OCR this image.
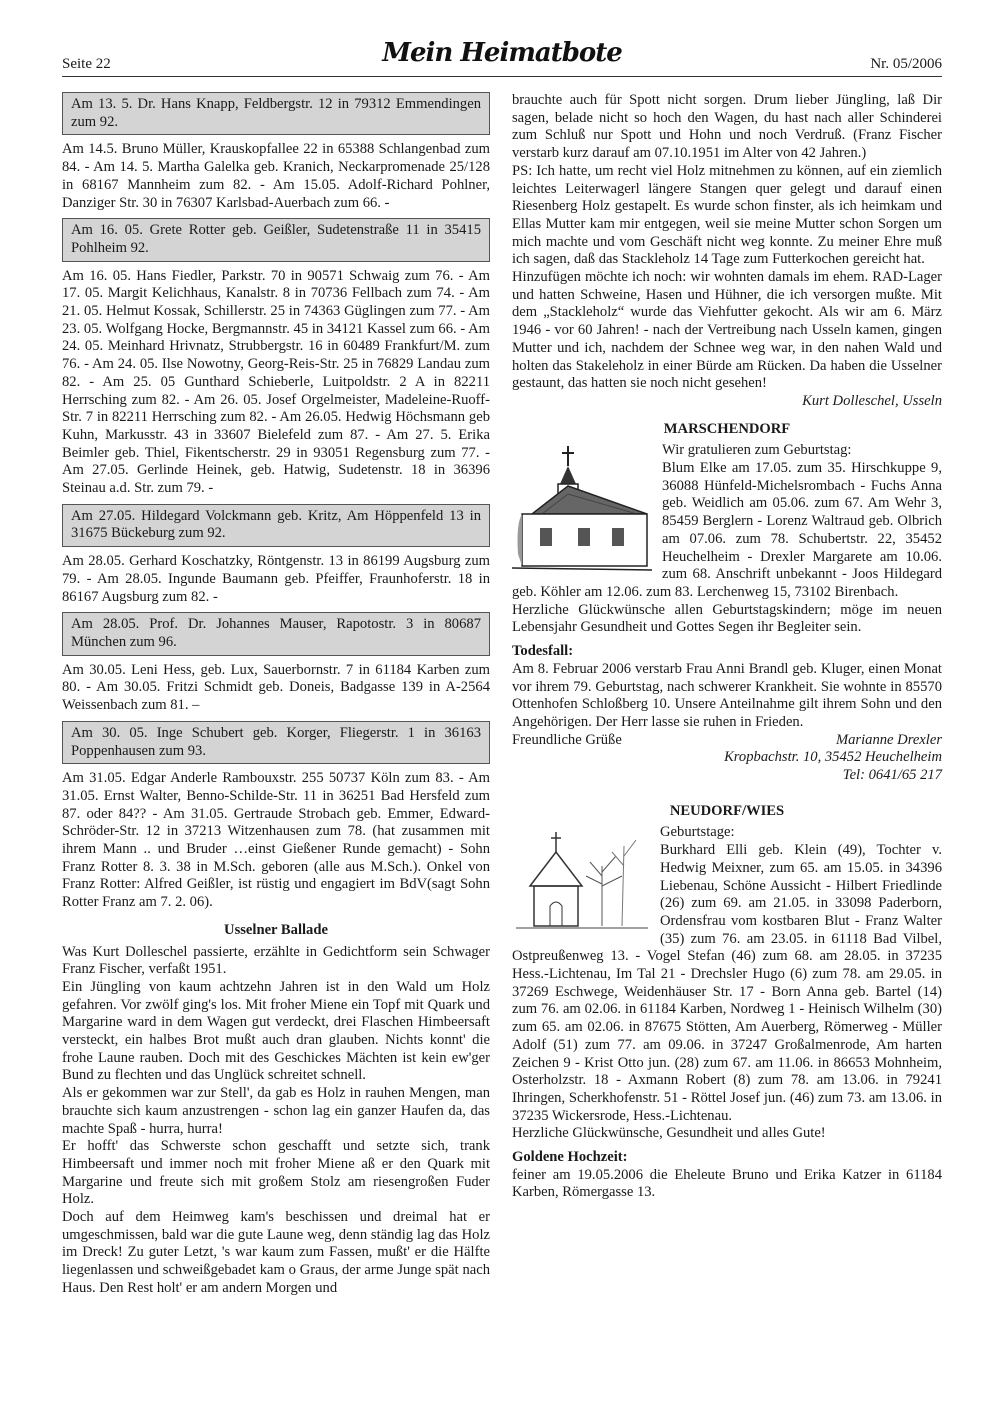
Seite 22	Mein Heimatbote	Nr. 05/2006

Am 13. 5. Dr. Hans Knapp, Feldbergstr. 12 in 79312 Emmendingen zum 92.

Am 14.5. Bruno Müller, Krauskopfallee 22 in 65388 Schlangenbad zum 84. - Am 14. 5. Martha Galelka geb. Kranich, Neckarpromenade 25/128 in 68167 Mannheim zum 82. - Am 15.05. Adolf-Richard Pohlner, Danziger Str. 30 in 76307 Karlsbad-Auerbach zum 66. -

Am 16. 05. Grete Rotter geb. Geißler, Sudetenstraße 11 in 35415 Pohlheim 92.

Am 16. 05. Hans Fiedler, Parkstr. 70 in 90571 Schwaig zum 76. - Am 17. 05. Margit Kelichhaus, Kanalstr. 8 in 70736 Fellbach zum 74. - Am 21. 05. Helmut Kossak, Schillerstr. 25 in 74363 Güglingen zum 77. - Am 23. 05. Wolfgang Hocke, Bergmannstr. 45 in 34121 Kassel zum 66. - Am 24. 05. Meinhard Hrivnatz, Strubbergstr. 16 in 60489 Frankfurt/M. zum 76. - Am 24. 05. Ilse Nowotny, Georg-Reis-Str. 25 in 76829 Landau zum 82. - Am 25. 05 Gunthard Schieberle, Luitpoldstr. 2 A in 82211 Herrsching zum 82. - Am 26. 05. Josef Orgelmeister, Madeleine-Ruoff-Str. 7 in 82211 Herrsching zum 82. - Am 26.05. Hedwig Höchsmann geb Kuhn, Markusstr. 43 in 33607 Bielefeld zum 87. - Am 27. 5. Erika Beimler geb. Thiel, Fikentscherstr. 29 in 93051 Regensburg zum 77. - Am 27.05. Gerlinde Heinek, geb. Hatwig, Sudetenstr. 18 in 36396 Steinau a.d. Str. zum 79. -

Am 27.05. Hildegard Volckmann geb. Kritz, Am Höppenfeld 13 in 31675 Bückeburg zum 92.

Am 28.05. Gerhard Koschatzky, Röntgenstr. 13 in 86199 Augsburg zum 79. - Am 28.05. Ingunde Baumann geb. Pfeiffer, Fraunhoferstr. 18 in 86167 Augsburg zum 82. -

Am 28.05. Prof. Dr. Johannes Mauser, Rapotostr. 3 in 80687 München zum 96.

Am 30.05. Leni Hess, geb. Lux, Sauerbornstr. 7 in 61184 Karben zum 80. - Am 30.05. Fritzi Schmidt geb. Doneis, Badgasse 139 in A-2564 Weissenbach zum 81. –

Am 30. 05. Inge Schubert geb. Korger, Fliegerstr. 1 in 36163 Poppenhausen zum 93.

Am 31.05. Edgar Anderle Rambouxstr. 255 50737 Köln zum 83. - Am 31.05. Ernst Walter, Benno-Schilde-Str. 11 in 36251 Bad Hersfeld zum 87. oder 84?? - Am 31.05. Gertraude Strobach geb. Emmer, Edward-Schröder-Str. 12 in 37213 Witzenhausen zum 78. (hat zusammen mit ihrem Mann .. und Bruder …einst Gießener Runde gemacht) - Sohn Franz Rotter 8. 3. 38 in M.Sch. geboren (alle aus M.Sch.). Onkel von Franz Rotter: Alfred Geißler, ist rüstig und engagiert im BdV(sagt Sohn Rotter Franz am 7. 2. 06).

Usselner Ballade

Was Kurt Dolleschel passierte, erzählte in Gedichtform sein Schwager Franz Fischer, verfaßt 1951.

Ein Jüngling von kaum achtzehn Jahren ist in den Wald um Holz gefahren. Vor zwölf ging's los. Mit froher Miene ein Topf mit Quark und Margarine ward in dem Wagen gut verdeckt, drei Flaschen Himbeersaft versteckt, ein halbes Brot mußt auch dran glauben. Nichts konnt' die frohe Laune rauben. Doch mit des Geschickes Mächten ist kein ew'ger Bund zu flechten und das Unglück schreitet schnell.

Als er gekommen war zur Stell', da gab es Holz in rauhen Mengen, man brauchte sich kaum anzustrengen - schon lag ein ganzer Haufen da, das machte Spaß - hurra, hurra!

Er hofft' das Schwerste schon geschafft und setzte sich, trank Himbeersaft und immer noch mit froher Miene aß er den Quark mit Margarine und freute sich mit großem Stolz am riesengroßen Fuder Holz.

Doch auf dem Heimweg kam's beschissen und dreimal hat er umgeschmissen, bald war die gute Laune weg, denn ständig lag das Holz im Dreck! Zu guter Letzt, 's war kaum zum Fassen, mußt' er die Hälfte liegenlassen und schweißgebadet kam o Graus, der arme Junge spät nach Haus. Den Rest holt' er am andern Morgen und

brauchte auch für Spott nicht sorgen. Drum lieber Jüngling, laß Dir sagen, belade nicht so hoch den Wagen, du hast nach aller Schinderei zum Schluß nur Spott und Hohn und noch Verdruß. (Franz Fischer verstarb kurz darauf am 07.10.1951 im Alter von 42 Jahren.)

PS: Ich hatte, um recht viel Holz mitnehmen zu können, auf ein ziemlich leichtes Leiterwagerl längere Stangen quer gelegt und darauf einen Riesenberg Holz gestapelt. Es wurde schon finster, als ich heimkam und Ellas Mutter kam mir entgegen, weil sie meine Mutter schon Sorgen um mich machte und vom Geschäft nicht weg konnte. Zu meiner Ehre muß ich sagen, daß das Stackleholz 14 Tage zum Futterkochen gereicht hat.

Hinzufügen möchte ich noch: wir wohnten damals im ehem. RAD-Lager und hatten Schweine, Hasen und Hühner, die ich versorgen mußte. Mit dem „Stackleholz“ wurde das Viehfutter gekocht. Als wir am 6. März 1946 - vor 60 Jahren! - nach der Vertreibung nach Usseln kamen, gingen Mutter und ich, nachdem der Schnee weg war, in den nahen Wald und holten das Stakeleholz in einer Bürde am Rücken. Da haben die Usselner gestaunt, das hatten sie noch nicht gesehen!

Kurt Dolleschel, Usseln

MARSCHENDORF

Wir gratulieren zum Geburtstag:

Blum Elke am 17.05. zum 35. Hirschkuppe 9, 36088 Hünfeld-Michelsrombach - Fuchs Anna geb. Weidlich am 05.06. zum 67. Am Wehr 3, 85459 Berglern - Lorenz Waltraud geb. Olbrich am 07.06. zum 78. Schubertstr. 22, 35452 Heuchelheim - Drexler Margarete am 10.06. zum 68. Anschrift unbekannt - Joos Hildegard geb. Köhler am 12.06. zum 83. Lerchenweg 15, 73102 Birenbach.

Herzliche Glückwünsche allen Geburtstagskindern; möge im neuen Lebensjahr Gesundheit und Gottes Segen ihr Begleiter sein.

Todesfall:

Am 8. Februar 2006 verstarb Frau Anni Brandl geb. Kluger, einen Monat vor ihrem 79. Geburtstag, nach schwerer Krankheit. Sie wohnte in 85570 Ottenhofen Schloßberg 10. Unsere Anteilnahme gilt ihrem Sohn und den Angehörigen. Der Herr lasse sie ruhen in Frieden.

Freundliche Grüße	Marianne Drexler

Kropbachstr. 10, 35452 Heuchelheim

Tel: 0641/65 217

NEUDORF/WIES

Geburtstage:

Burkhard Elli geb. Klein (49), Tochter v. Hedwig Meixner, zum 65. am 15.05. in 34396 Liebenau, Schöne Aussicht - Hilbert Friedlinde (26) zum 69. am 21.05. in 33098 Paderborn, Ordensfrau vom kostbaren Blut - Franz Walter (35) zum 76. am 23.05. in 61118 Bad Vilbel, Ostpreußenweg 13. - Vogel Stefan (46) zum 68. am 28.05. in 37235 Hess.-Lichtenau, Im Tal 21 - Drechsler Hugo (6) zum 78. am 29.05. in 37269 Eschwege, Weidenhäuser Str. 17 - Born Anna geb. Bartel (14) zum 76. am 02.06. in 61184 Karben, Nordweg 1 - Heinisch Wilhelm (30) zum 65. am 02.06. in 87675 Stötten, Am Auerberg, Römerweg - Müller Adolf (51) zum 77. am 09.06. in 37247 Großalmenrode, Am harten Zeichen 9 - Krist Otto jun. (28) zum 67. am 11.06. in 86653 Mohnheim, Osterholzstr. 18 - Axmann Robert (8) zum 78. am 13.06. in 79241 Ihringen, Scherkhofenstr. 51 - Röttel Josef jun. (46) zum 73. am 13.06. in 37235 Wickersrode, Hess.-Lichtenau.

Herzliche Glückwünsche, Gesundheit und alles Gute!

Goldene Hochzeit:

feiner am 19.05.2006 die Eheleute Bruno und Erika Katzer in 61184 Karben, Römergasse 13.
